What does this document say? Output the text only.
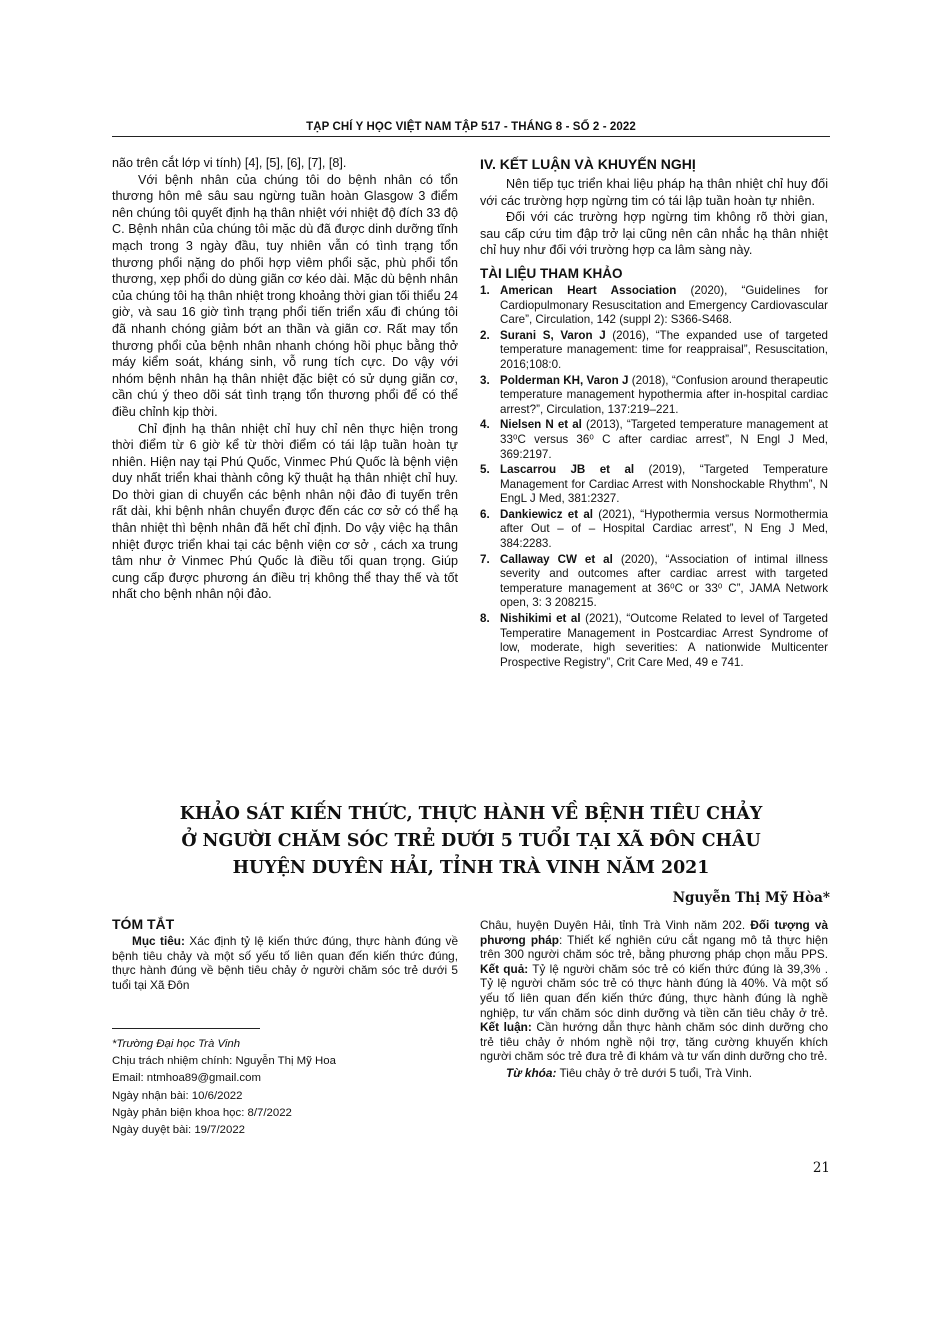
TẠP CHÍ Y HỌC VIỆT NAM TẬP 517 - THÁNG 8 - SỐ 2 - 2022

não trên cắt lớp vi tính) [4], [5], [6], [7], [8].

Với bệnh nhân của chúng tôi do bệnh nhân có tổn thương hôn mê sâu sau ngừng tuần hoàn Glasgow 3 điểm nên chúng tôi quyết định hạ thân nhiệt với nhiệt độ đích 33 độ C. Bệnh nhân của chúng tôi mặc dù đã được dinh dưỡng tĩnh mạch trong 3 ngày đầu, tuy nhiên vẫn có tình trạng tổn thương phổi nặng do phối hợp viêm phổi sặc, phù phổi tổn thương, xẹp phổi do dùng giãn cơ kéo dài. Mặc dù bệnh nhân của chúng tôi hạ thân nhiệt trong khoảng thời gian tối thiểu 24 giờ, và sau 16 giờ tình trạng phổi tiến triển xấu đi chúng tôi đã nhanh chóng giảm bớt an thần và giãn cơ. Rất may tổn thương phổi của bệnh nhân nhanh chóng hồi phục bằng thở máy kiểm soát, kháng sinh, vỗ rung tích cực. Do vậy với nhóm bệnh nhân hạ thân nhiệt đặc biệt có sử dụng giãn cơ, cần chú ý theo dõi sát tình trạng tổn thương phổi để có thể điều chỉnh kịp thời.

Chỉ định hạ thân nhiệt chỉ huy chỉ nên thực hiện trong thời điểm từ 6 giờ kể từ thời điểm có tái lập tuần hoàn tự nhiên. Hiện nay tại Phú Quốc, Vinmec Phú Quốc là bệnh viện duy nhất triển khai thành công kỹ thuật hạ thân nhiệt chỉ huy. Do thời gian di chuyển các bệnh nhân nội đảo đi tuyến trên rất dài, khi bệnh nhân chuyển được đến các cơ sở có thể hạ thân nhiệt thì bệnh nhân đã hết chỉ định. Do vậy việc hạ thân nhiệt được triển khai tại các bệnh viện cơ sở , cách xa trung tâm như ở Vinmec Phú Quốc là điều tối quan trọng. Giúp cung cấp được phương án điều trị không thể thay thế và tốt nhất cho bệnh nhân nội đảo.

IV. KẾT LUẬN VÀ KHUYẾN NGHỊ

Nên tiếp tục triển khai liệu pháp hạ thân nhiệt chỉ huy đối với các trường hợp ngừng tim có tái lập tuần hoàn tự nhiên.

Đối với các trường hợp ngừng tim không rõ thời gian, sau cấp cứu tim đập trở lại cũng nên cân nhắc hạ thân nhiệt chỉ huy như đối với trường hợp ca lâm sàng này.

TÀI LIỆU THAM KHẢO
1. American Heart Association (2020), “Guidelines for Cardiopulmonary Resuscitation and Emergency Cardiovascular Care”, Circulation, 142 (suppl 2): S366-S468.
2. Surani S, Varon J (2016), “The expanded use of targeted temperature management: time for reappraisal”, Resuscitation, 2016;108:0.
3. Polderman KH, Varon J (2018), “Confusion around therapeutic temperature management hypothermia after in-hospital cardiac arrest?”, Circulation, 137:219–221.
4. Nielsen N et al (2013), “Targeted temperature management at 33⁰C versus 36⁰ C after cardiac arrest”, N Engl J Med, 369:2197.
5. Lascarrou JB et al (2019), “Targeted Temperature Management for Cardiac Arrest with Nonshockable Rhythm”, N EngL J Med, 381:2327.
6. Dankiewicz et al (2021), “Hypothermia versus Normothermia after Out – of – Hospital Cardiac arrest”, N Eng J Med, 384:2283.
7. Callaway CW et al (2020), “Association of intimal illness severity and outcomes after cardiac arrest with targeted temperature management at 36⁰C or 33⁰ C”, JAMA Network open, 3: 3 208215.
8. Nishikimi et al (2021), “Outcome Related to level of Targeted Temperatire Management in Postcardiac Arrest Syndrome of low, moderate, high severities: A nationwide Multicenter Prospective Registry”, Crit Care Med, 49 e 741.
KHẢO SÁT KIẾN THỨC, THỰC HÀNH VỀ BỆNH TIÊU CHẢY
Ở NGƯỜI CHĂM SÓC TRẺ DƯỚI 5 TUỔI TẠI XÃ ĐÔN CHÂU
HUYỆN DUYÊN HẢI, TỈNH TRÀ VINH NĂM 2021
Nguyễn Thị Mỹ Hòa*
TÓM TẮT

Mục tiêu: Xác định tỷ lệ kiến thức đúng, thực hành đúng về bệnh tiêu chảy và một số yếu tố liên quan đến kiến thức đúng, thực hành đúng về bệnh tiêu chảy ở người chăm sóc trẻ dưới 5 tuổi tại Xã Đôn

Châu, huyện Duyên Hải, tỉnh Trà Vinh năm 202. Đối tượng và phương pháp: Thiết kế nghiên cứu cắt ngang mô tả thực hiện trên 300 người chăm sóc trẻ, bằng phương pháp chọn mẫu PPS. Kết quả: Tỷ lệ người chăm sóc trẻ có kiến thức đúng là 39,3% . Tỷ lệ người chăm sóc trẻ có thực hành đúng là 40%. Và một số yếu tố liên quan đến kiến thức đúng, thực hành đúng là nghề nghiệp, tư vấn chăm sóc dinh dưỡng và tiền căn tiêu chảy ở trẻ. Kết luận: Cần hướng dẫn thực hành chăm sóc dinh dưỡng cho trẻ tiêu chảy ở nhóm nghề nội trợ, tăng cường khuyến khích người chăm sóc trẻ đưa trẻ đi khám và tư vấn dinh dưỡng cho trẻ.

Từ khóa: Tiêu chảy ở trẻ dưới 5 tuổi, Trà Vinh.

*Trường Đại học Trà Vinh
Chịu trách nhiệm chính: Nguyễn Thị Mỹ Hoa
Email: ntmhoa89@gmail.com
Ngày nhận bài: 10/6/2022
Ngày phản biện khoa học: 8/7/2022
Ngày duyệt bài: 19/7/2022
21
